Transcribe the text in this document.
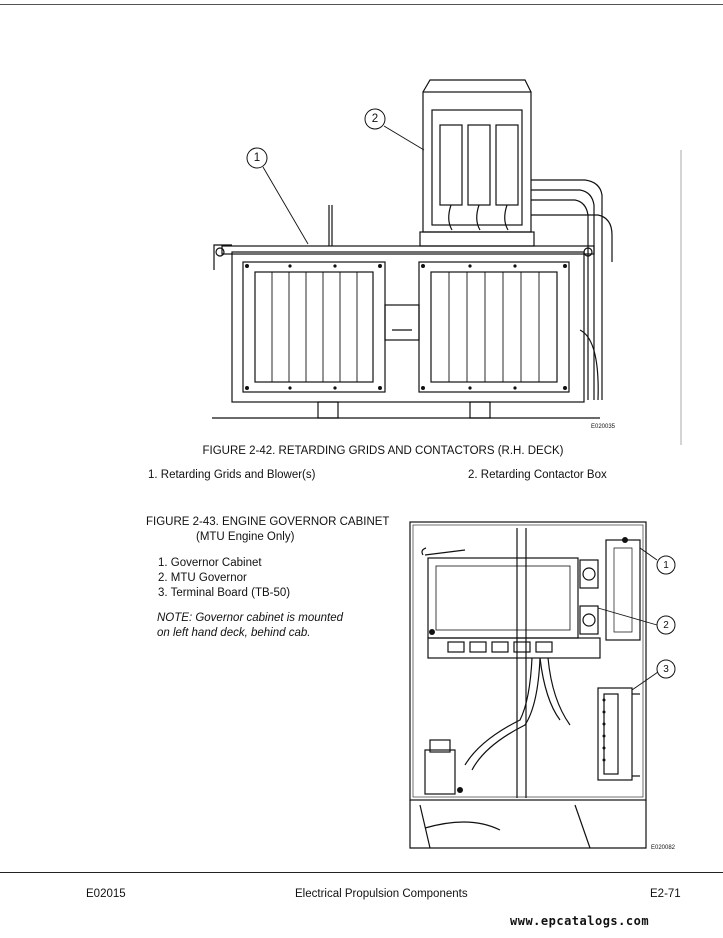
1
2
E020035
FIGURE 2-42. RETARDING GRIDS AND CONTACTORS (R.H. DECK)
1. Retarding Grids and Blower(s)	2. Retarding Contactor Box
FIGURE 2-43. ENGINE GOVERNOR CABINET
(MTU Engine Only)
1. Governor Cabinet
2. MTU Governor
3. Terminal Board (TB-50)
NOTE: Governor cabinet is mounted
on left hand deck, behind cab.
1
2
3
E020082
E02015	Electrical Propulsion Components	E2-71
www.epcatalogs.com
